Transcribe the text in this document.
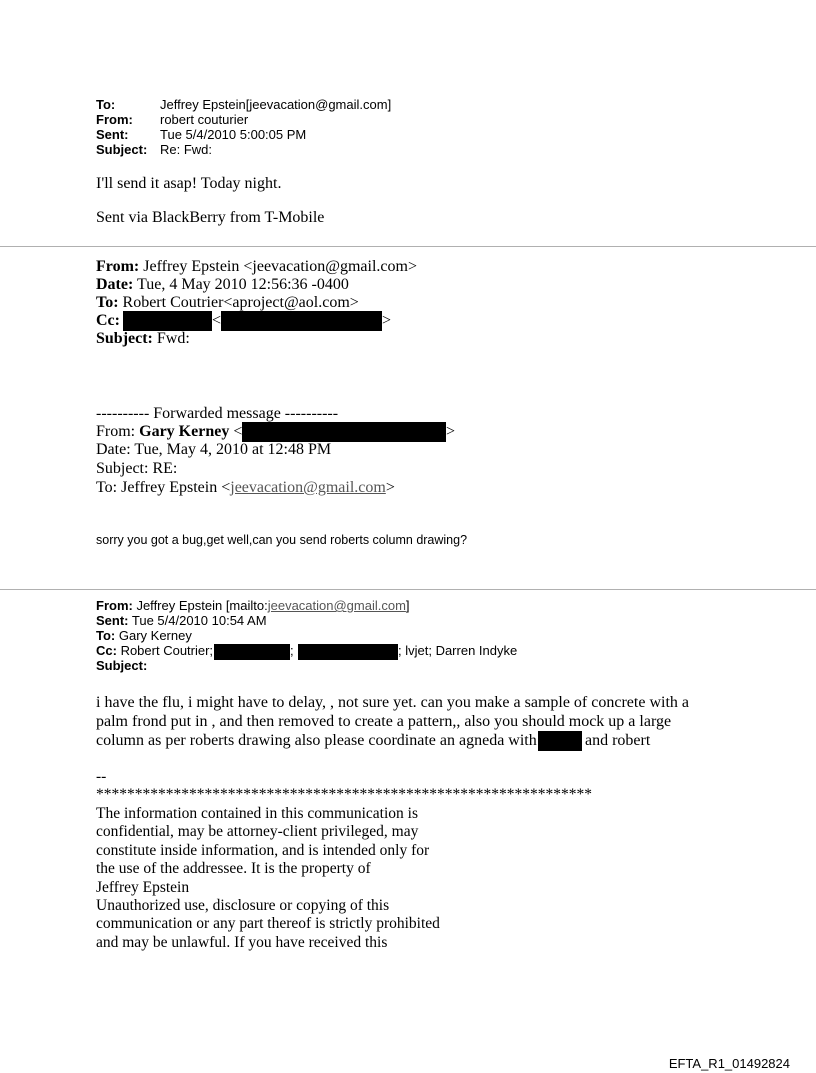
To:	Jeffrey Epstein[jeevacation@gmail.com]
From: robert couturier
Sent: Tue 5/4/2010 5:00:05 PM
Subject: Re: Fwd:
I'll send it asap! Today night.
Sent via BlackBerry from T-Mobile
From: Jeffrey Epstein <jeevacation@gmail.com>
Date: Tue, 4 May 2010 12:56:36 -0400
To: Robert Coutrier<aproject@aol.com>
Cc:	<	>
Subject: Fwd:
---------- Forwarded message ----------
From: Gary Kerney <	>
Date: Tue, May 4, 2010 at 12:48 PM
Subject: RE:
To: Jeffrey Epstein <jeevacation@gmail.com>
sorry you got a bug,get well,can you send roberts column drawing?
From: Jeffrey Epstein [mailto:jeevacation@gmail.com]
Sent: Tue 5/4/2010 10:54 AM
To: Gary Kerney
Cc: Robert Coutrier;	;	; lvjet; Darren Indyke
Subject:
i have the flu, i might have to delay, , not sure yet. can you make a sample of concrete with a
palm frond put in , and then removed to create a pattern,, also you should mock up a large
column as per roberts drawing also please coordinate an agneda with	and robert
--
****************************************************************
The information contained in this communication is
confidential, may be attorney-client privileged, may
constitute inside information, and is intended only for
the use of the addressee. It is the property of
Jeffrey Epstein
Unauthorized use, disclosure or copying of this
communication or any part thereof is strictly prohibited
and may be unlawful. If you have received this
EFTA_R1_01492824
